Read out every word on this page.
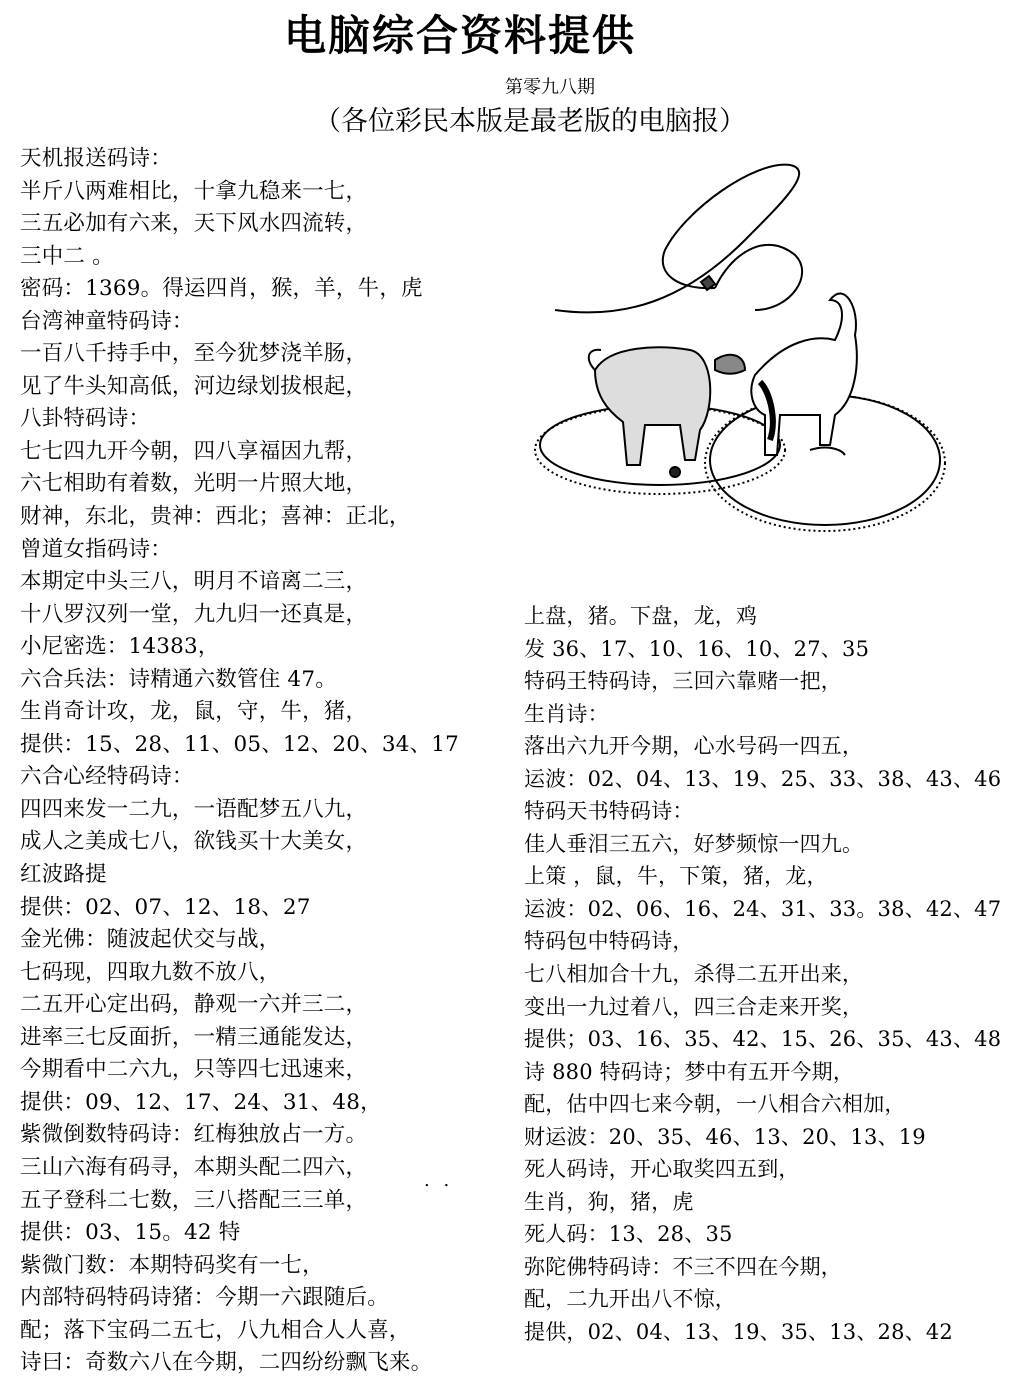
电脑综合资料提供
第零九八期
（各位彩民本版是最老版的电脑报）
天机报送码诗：
半斤八两难相比，十拿九稳来一七，
三五必加有六来，天下风水四流转，
三中二 。
密码：1369。得运四肖，猴，羊，牛，虎
台湾神童特码诗：
一百八千持手中，至今犹梦浇羊肠，
见了牛头知高低，河边绿划拔根起，
八卦特码诗：
七七四九开今朝，四八享福因九帮，
六七相助有着数，光明一片照大地，
财神，东北，贵神：西北；喜神：正北，
曾道女指码诗：
本期定中头三八，明月不谙离二三，
十八罗汉列一堂，九九归一还真是，
小尼密选：14383，
六合兵法：诗精通六数管住 47。
生肖奇计攻，龙，鼠，守，牛，猪，
提供：15、28、11、05、12、20、34、17
六合心经特码诗：
四四来发一二九，一语配梦五八九，
成人之美成七八，欲钱买十大美女，
红波路提
提供：02、07、12、18、27
金光佛：随波起伏交与战，
七码现，四取九数不放八，
二五开心定出码，静观一六并三二，
进率三七反面折，一精三通能发达，
今期看中二六九，只等四七迅速来，
提供：09、12、17、24、31、48，
紫微倒数特码诗：红梅独放占一方。
三山六海有码寻，本期头配二四六，
五子登科二七数，三八搭配三三单，
提供：03、15。42 特
紫微门数：本期特码奖有一七，
内部特码特码诗猪：今期一六跟随后。
配；落下宝码二五七，八九相合人人喜，
诗曰：奇数六八在今期，二四纷纷飘飞来。
上盘，猪。下盘，龙，鸡
发 36、17、10、16、10、27、35
特码王特码诗，三回六靠赌一把，
生肖诗：
落出六九开今期，心水号码一四五，
运波：02、04、13、19、25、33、38、43、46
特码天书特码诗：
佳人垂泪三五六，好梦频惊一四九。
上策 ，鼠，牛，下策，猪，龙，
运波：02、06、16、24、31、33。38、42、47
特码包中特码诗，
七八相加合十九，杀得二五开出来，
变出一九过着八，四三合走来开奖，
提供；03、16、35、42、15、26、35、43、48
诗 880 特码诗；梦中有五开今期，
配，估中四七来今朝，一八相合六相加，
财运波：20、35、46、13、20、13、19
死人码诗，开心取奖四五到，
生肖，狗，猪，虎
死人码：13、28、35
弥陀佛特码诗：不三不四在今期，
配，二九开出八不惊，
提供，02、04、13、19、35、13、28、42
. .
